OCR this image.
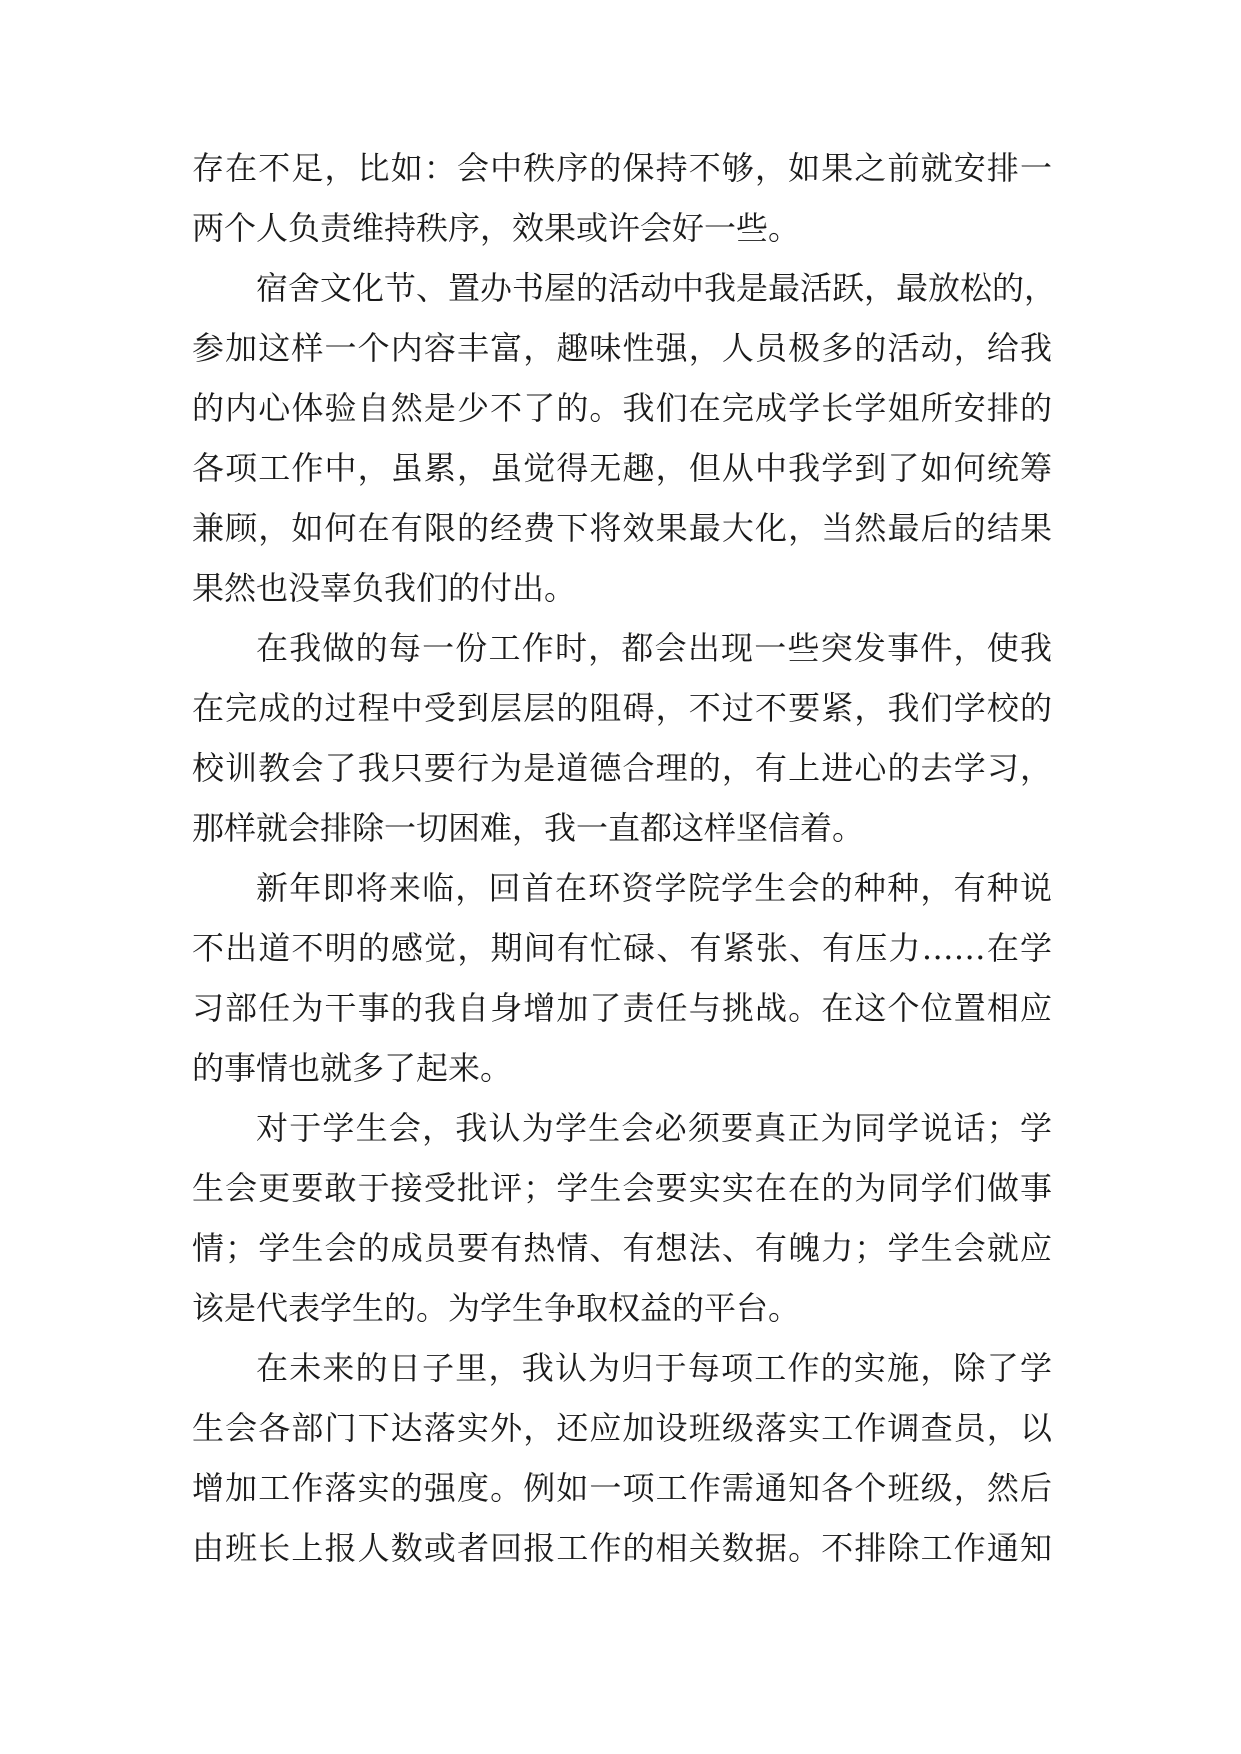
存在不足，比如：会中秩序的保持不够，如果之前就安排一
两个人负责维持秩序，效果或许会好一些。
宿舍文化节、置办书屋的活动中我是最活跃，最放松的，
参加这样一个内容丰富，趣味性强，人员极多的活动，给我
的内心体验自然是少不了的。我们在完成学长学姐所安排的
各项工作中，虽累，虽觉得无趣，但从中我学到了如何统筹
兼顾，如何在有限的经费下将效果最大化，当然最后的结果
果然也没辜负我们的付出。
在我做的每一份工作时，都会出现一些突发事件，使我
在完成的过程中受到层层的阻碍，不过不要紧，我们学校的
校训教会了我只要行为是道德合理的，有上进心的去学习，
那样就会排除一切困难，我一直都这样坚信着。
新年即将来临，回首在环资学院学生会的种种，有种说
不出道不明的感觉，期间有忙碌、有紧张、有压力……在学
习部任为干事的我自身增加了责任与挑战。在这个位置相应
的事情也就多了起来。
对于学生会，我认为学生会必须要真正为同学说话；学
生会更要敢于接受批评；学生会要实实在在的为同学们做事
情；学生会的成员要有热情、有想法、有魄力；学生会就应
该是代表学生的。为学生争取权益的平台。
在未来的日子里，我认为归于每项工作的实施，除了学
生会各部门下达落实外，还应加设班级落实工作调查员，以
增加工作落实的强度。例如一项工作需通知各个班级，然后
由班长上报人数或者回报工作的相关数据。不排除工作通知
